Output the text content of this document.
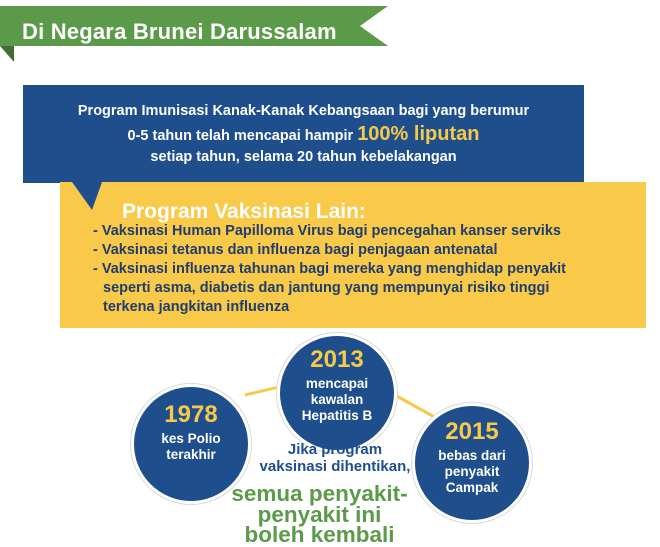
Di Negara Brunei Darussalam
Program Imunisasi Kanak-Kanak Kebangsaan bagi yang berumur
0-5 tahun telah mencapai hampir 100% liputan
setiap tahun, selama 20 tahun kebelakangan
Program Vaksinasi Lain:
- Vaksinasi Human Papilloma Virus bagi pencegahan kanser serviks
- Vaksinasi tetanus dan influenza bagi penjagaan antenatal
- Vaksinasi influenza tahunan bagi mereka yang menghidap penyakit
seperti asma, diabetis dan jantung yang mempunyai risiko tinggi
terkena jangkitan influenza
1978
kes Polio
terakhir
2013
mencapai
kawalan
Hepatitis B
2015
bebas dari
penyakit
Campak
Jika program
vaksinasi dihentikan,
semua penyakit-
penyakit ini
boleh kembali
